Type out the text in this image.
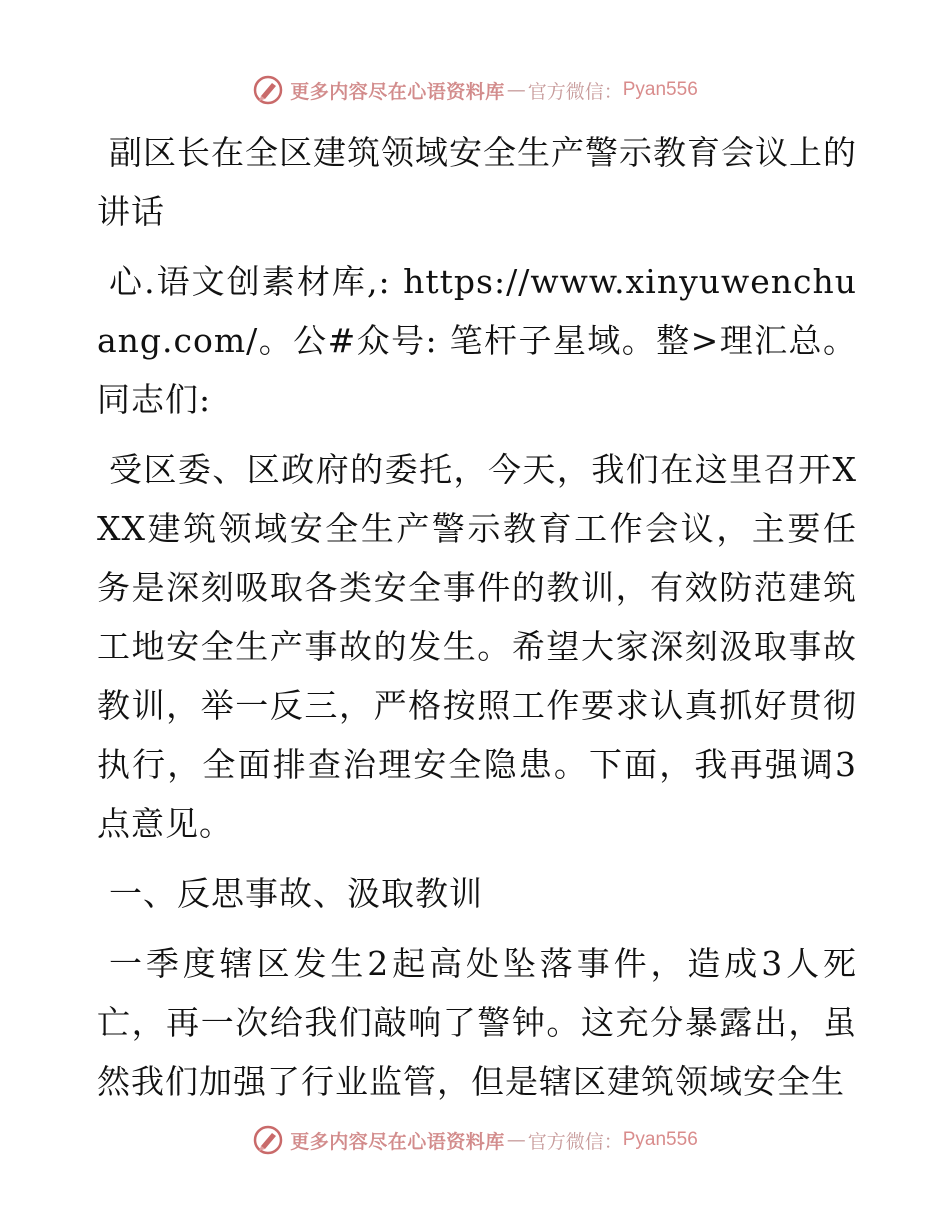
更多内容尽在心语资料库 — 官方微信： Pyan556

副区长在全区建筑领域安全生产警示教育会议上的讲话

心.语文创素材库,: https://www.xinyuwenchuang.com/。公#众号: 笔杆子星域。整>理汇总。同志们:

受区委、区政府的委托，今天，我们在这里召开XXX建筑领域安全生产警示教育工作会议，主要任务是深刻吸取各类安全事件的教训，有效防范建筑工地安全生产事故的发生。希望大家深刻汲取事故教训，举一反三，严格按照工作要求认真抓好贯彻执行，全面排查治理安全隐患。下面，我再强调3点意见。

一、反思事故、汲取教训

一季度辖区发生2起高处坠落事件，造成3人死亡，再一次给我们敲响了警钟。这充分暴露出，虽然我们加强了行业监管，但是辖区建筑领域安全生

更多内容尽在心语资料库 — 官方微信： Pyan556
